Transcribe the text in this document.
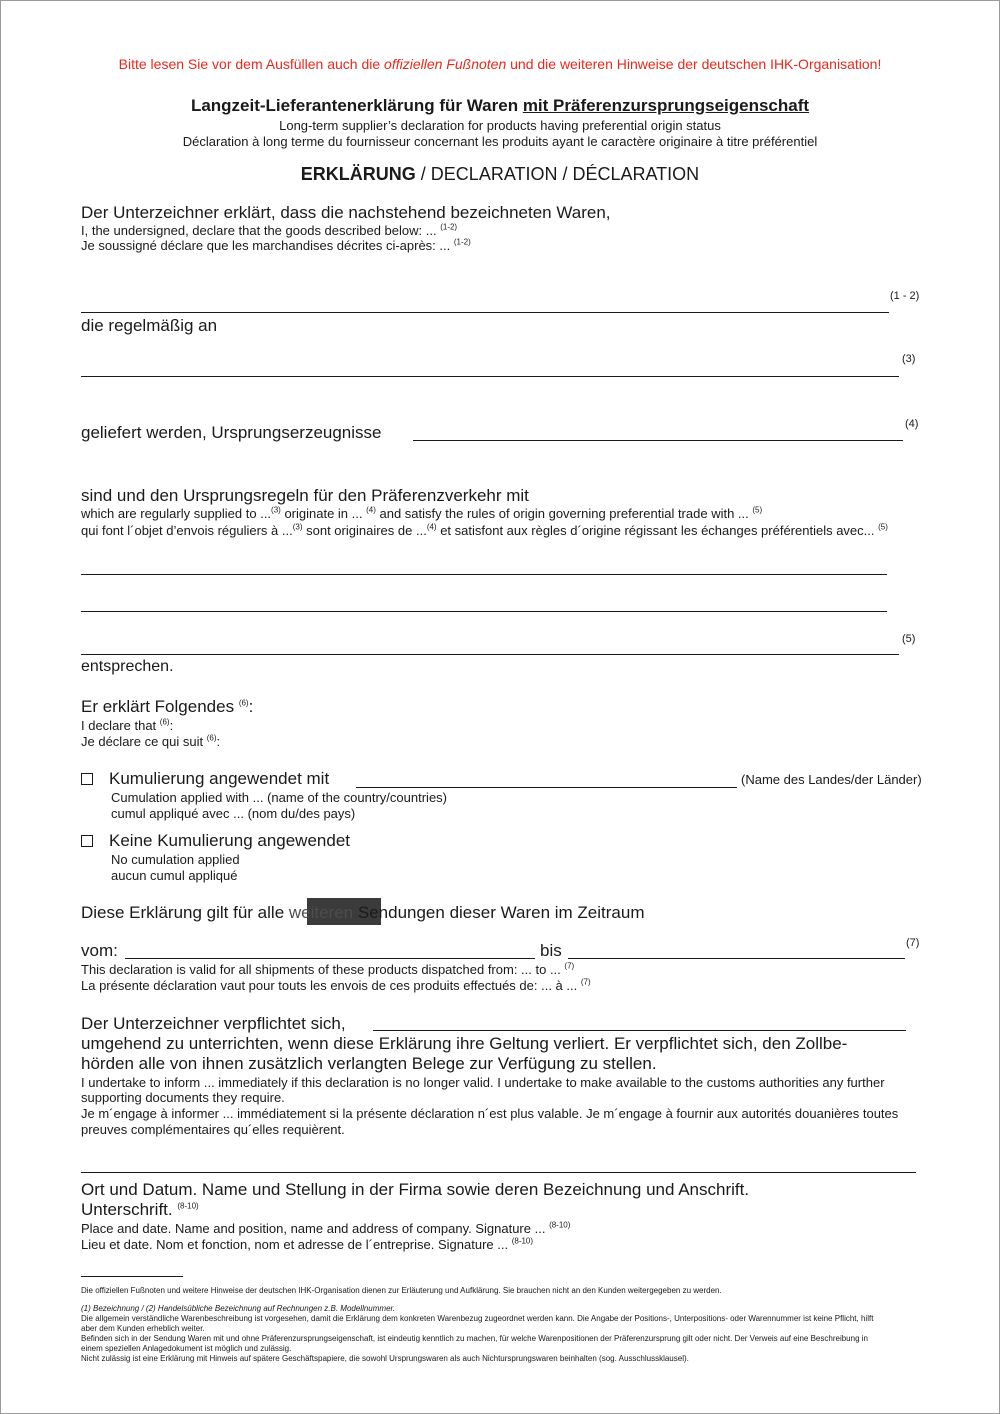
Bitte lesen Sie vor dem Ausfüllen auch die offiziellen Fußnoten und die weiteren Hinweise der deutschen IHK-Organisation!
Langzeit-Lieferantenerklärung für Waren mit Präferenzursprungseigenschaft
Long-term supplier’s declaration for products having preferential origin status
Déclaration à long terme du fournisseur concernant les produits ayant le caractère originaire à titre préférentiel
ERKLÄRUNG / DECLARATION / DÉCLARATION
Der Unterzeichner erklärt, dass die nachstehend bezeichneten Waren,
I, the undersigned, declare that the goods described below: ... $^{(1-2)}$
Je soussigné déclare que les marchandises décrites ci-après: ... $^{(1-2)}$
(1 - 2)
die regelmäßig an
(3)
geliefert werden, Ursprungserzeugnisse	(4)
sind und den Ursprungsregeln für den Präferenzverkehr mit
which are regularly supplied to ...$^{(3)}$ originate in ... $^{(4)}$ and satisfy the rules of origin governing preferential trade with ... $^{(5)}$
qui font l´objet d’envois réguliers à ...$^{(3)}$ sont originaires de ...$^{(4)}$ et satisfont aux règles d´origine régissant les échanges préférentiels avec... $^{(5)}$
(5)
entsprechen.
Er erklärt Folgendes $^{(6)}$:
I declare that $^{(6)}$:
Je déclare ce qui suit $^{(6)}$:
Kumulierung angewendet mit	(Name des Landes/der Länder)
Cumulation applied with ... (name of the country/countries)
cumul appliqué avec ... (nom du/des pays)
Keine Kumulierung angewendet
No cumulation applied
aucun cumul appliqué
Diese Erklärung gilt für alle weiteren Sendungen dieser Waren im Zeitraum
vom:	bis	(7)
This declaration is valid for all shipments of these products dispatched from: ... to ... $^{(7)}$
La présente déclaration vaut pour touts les envois de ces produits effectués de: ... à ... $^{(7)}$
Der Unterzeichner verpflichtet sich,
umgehend zu unterrichten, wenn diese Erklärung ihre Geltung verliert. Er verpflichtet sich, den Zollbe-
hörden alle von ihnen zusätzlich verlangten Belege zur Verfügung zu stellen.
I undertake to inform ... immediately if this declaration is no longer valid. I undertake to make available to the customs authorities any further
supporting documents they require.
Je m´engage à informer ... immédiatement si la présente déclaration n´est plus valable. Je m´engage à fournir aux autorités douanières toutes
preuves complémentaires qu´elles requièrent.
Ort und Datum. Name und Stellung in der Firma sowie deren Bezeichnung und Anschrift.
Unterschrift. $^{(8-10)}$
Place and date. Name and position, name and address of company. Signature ... $^{(8-10)}$
Lieu et date. Nom et fonction, nom et adresse de l´entreprise. Signature ... $^{(8-10)}$
Die offiziellen Fußnoten und weitere Hinweise der deutschen IHK-Organisation dienen zur Erläuterung und Aufklärung. Sie brauchen nicht an den Kunden weitergegeben zu werden.
(1) Bezeichnung / (2) Handelsübliche Bezeichnung auf Rechnungen z.B. Modellnummer.
Die allgemein verständliche Warenbeschreibung ist vorgesehen, damit die Erklärung dem konkreten Warenbezug zugeordnet werden kann. Die Angabe der Positions-, Unterpositions- oder Warennummer ist keine Pflicht, hilft
aber dem Kunden erheblich weiter.
Befinden sich in der Sendung Waren mit und ohne Präferenzursprungseigenschaft, ist eindeutig kenntlich zu machen, für welche Warenpositionen der Präferenzursprung gilt oder nicht. Der Verweis auf eine Beschreibung in
einem speziellen Anlagedokument ist möglich und zulässig.
Nicht zulässig ist eine Erklärung mit Hinweis auf spätere Geschäftspapiere, die sowohl Ursprungswaren als auch Nichtursprungswaren beinhalten (sog. Ausschlussklausel).
